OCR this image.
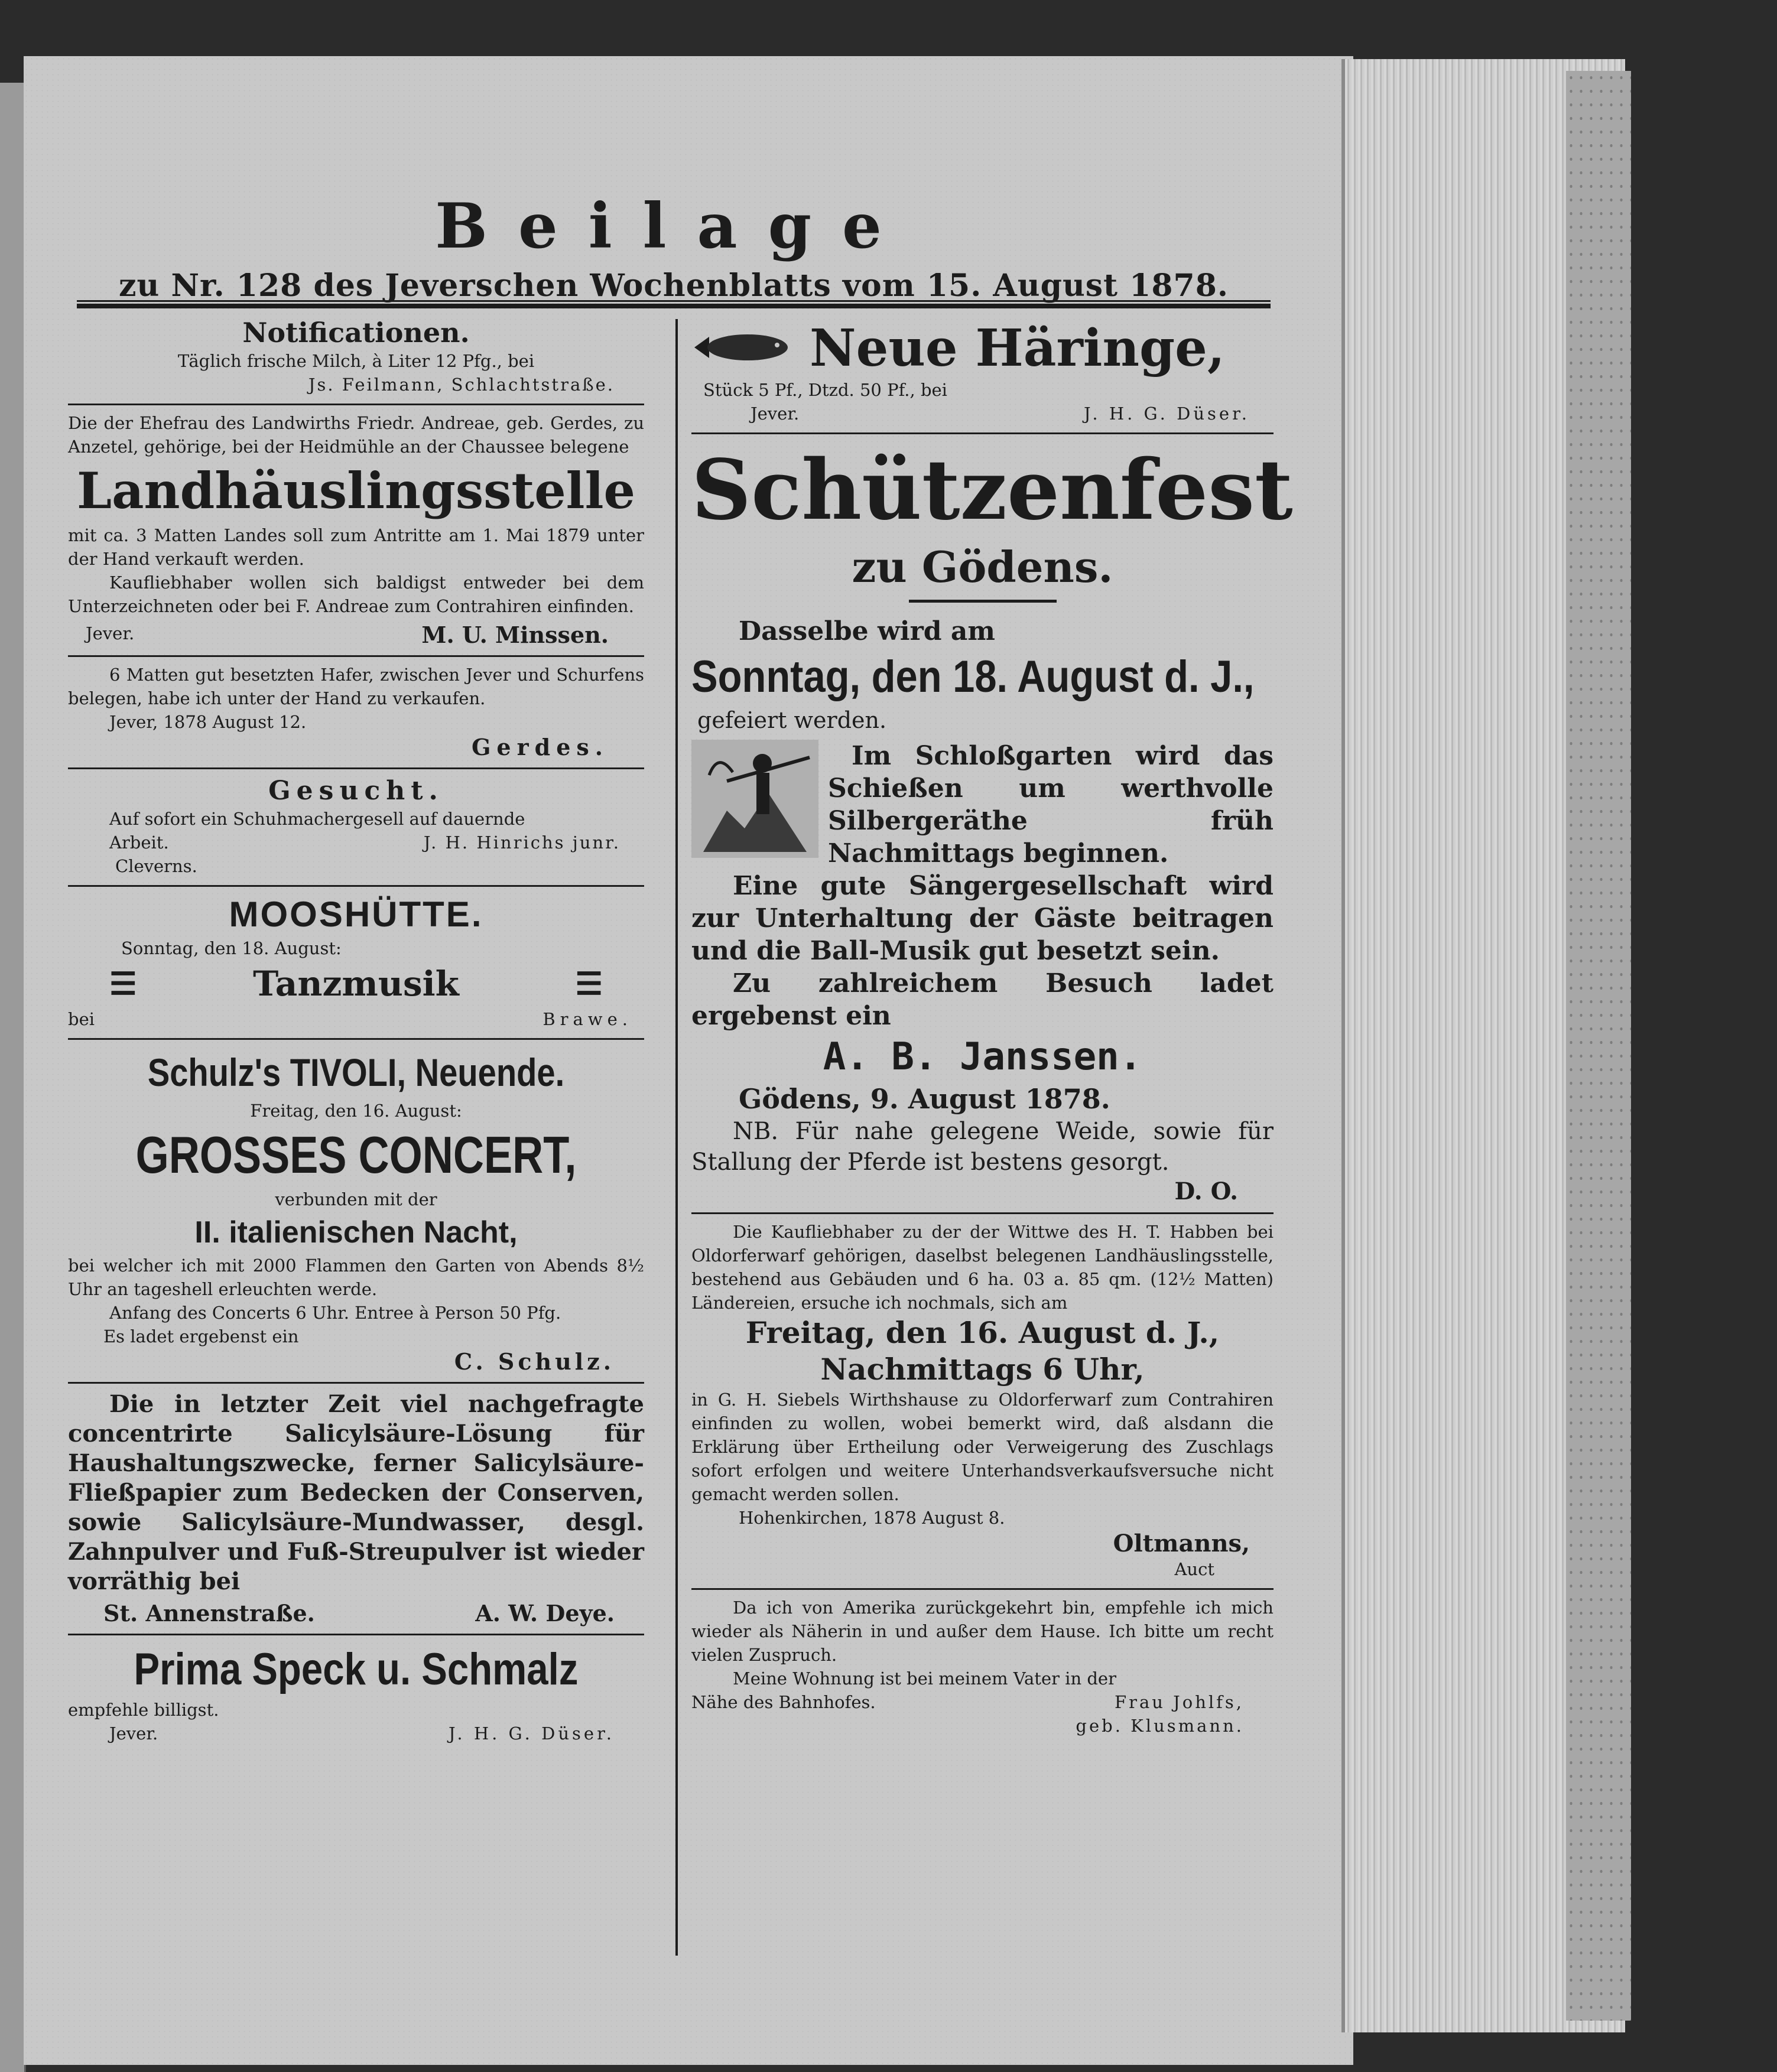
Beilage
zu Nr. 128 des Jeverschen Wochenblatts vom 15. August 1878.
Notificationen.
Täglich frische Milch, à Liter 12 Pfg., bei
Js. Feilmann, Schlachtstraße.
Die der Ehefrau des Landwirths Friedr. Andreae, geb. Gerdes, zu Anzetel, gehörige, bei der Heidmühle an der Chaussee belegene
Landhäuslingsstelle
mit ca. 3 Matten Landes soll zum Antritte am 1. Mai 1879 unter der Hand verkauft werden.
Kaufliebhaber wollen sich baldigst entweder bei dem Unterzeichneten oder bei F. Andreae zum Contrahiren einfinden.
Jever.	M. U. Minssen.
6 Matten gut besetzten Hafer, zwischen Jever und Schurfens belegen, habe ich unter der Hand zu verkaufen.
Jever, 1878 August 12.
Gerdes.
Gesucht.
Auf sofort ein Schuhmachergesell auf dauernde
Arbeit.	J. H. Hinrichs junr.
Cleverns.
MOOSHÜTTE.
Sonntag, den 18. August:
☰	Tanzmusik	☰
bei	Brawe.
Schulz's TIVOLI, Neuende.
Freitag, den 16. August:
GROSSES CONCERT,
verbunden mit der
II. italienischen Nacht,
bei welcher ich mit 2000 Flammen den Garten von Abends 8½ Uhr an tageshell erleuchten werde.
Anfang des Concerts 6 Uhr. Entree à Person 50 Pfg.
Es ladet ergebenst ein
C. Schulz.
Die in letzter Zeit viel nachgefragte concentrirte Salicylsäure-Lösung für Haushaltungszwecke, ferner Salicylsäure-Fließpapier zum Bedecken der Conserven, sowie Salicylsäure-Mundwasser, desgl. Zahnpulver und Fuß-Streupulver ist wieder vorräthig bei
St. Annenstraße.	A. W. Deye.
Prima Speck u. Schmalz
empfehle billigst.
Jever.	J. H. G. Düser.
Neue Häringe,
Stück 5 Pf., Dtzd. 50 Pf., bei
Jever.	J. H. G. Düser.
Schützenfest
zu Gödens.
Dasselbe wird am
Sonntag, den 18. August d. J.,
gefeiert werden.
Im Schloßgarten wird das Schießen um werthvolle Silbergeräthe früh Nachmittags beginnen.
Eine gute Sängergesellschaft wird zur Unterhaltung der Gäste beitragen und die Ball-Musik gut besetzt sein.
Zu zahlreichem Besuch ladet ergebenst ein
A. B. Janssen.
Gödens, 9. August 1878.
NB. Für nahe gelegene Weide, sowie für Stallung der Pferde ist bestens gesorgt.
D. O.
Die Kaufliebhaber zu der der Wittwe des H. T. Habben bei Oldorferwarf gehörigen, daselbst belegenen Landhäuslingsstelle, bestehend aus Gebäuden und 6 ha. 03 a. 85 qm. (12½ Matten) Ländereien, ersuche ich nochmals, sich am
Freitag, den 16. August d. J.,
Nachmittags 6 Uhr,
in G. H. Siebels Wirthshause zu Oldorferwarf zum Contrahiren einfinden zu wollen, wobei bemerkt wird, daß alsdann die Erklärung über Ertheilung oder Verweigerung des Zuschlags sofort erfolgen und weitere Unterhandsverkaufsversuche nicht gemacht werden sollen.
Hohenkirchen, 1878 August 8.
Oltmanns,
Auct
Da ich von Amerika zurückgekehrt bin, empfehle ich mich wieder als Näherin in und außer dem Hause. Ich bitte um recht vielen Zuspruch.
Meine Wohnung ist bei meinem Vater in der
Nähe des Bahnhofes.	Frau Johlfs,
geb. Klusmann.
